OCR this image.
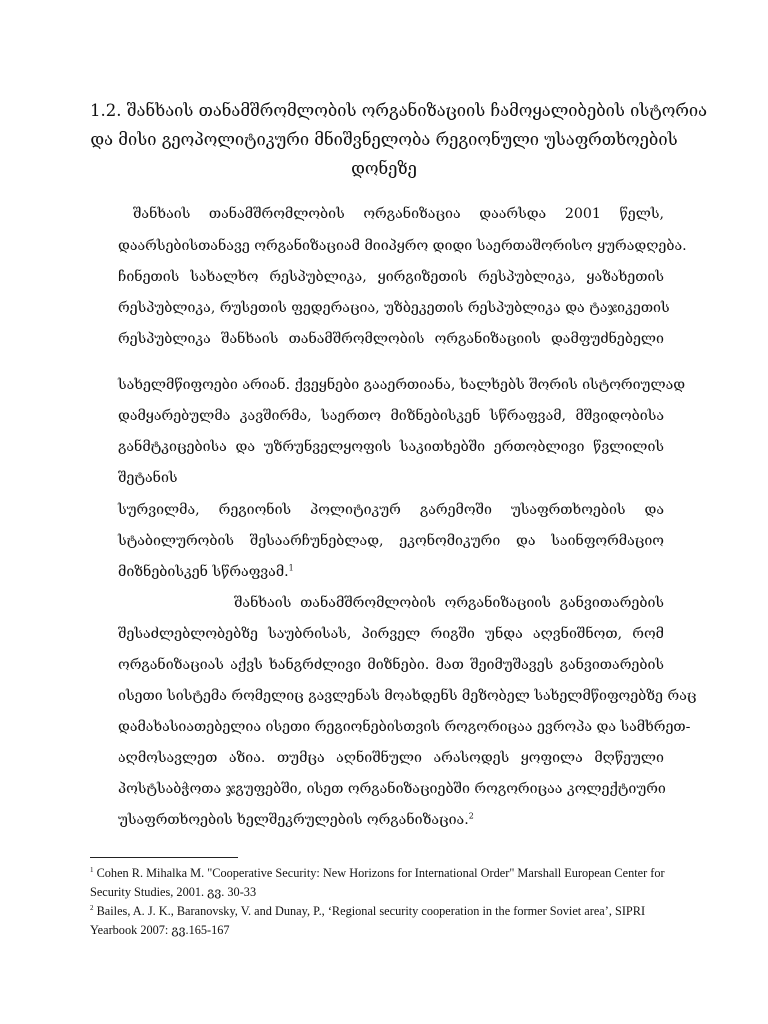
1.2. შანხაის თანამშრომლობის ორგანიზაციის ჩამოყალიბების ისტორია
და მისი გეოპოლიტიკური მნიშვნელობა რეგიონული უსაფრთხოების
დონეზე
შანხაის თანამშრომლობის ორგანიზაცია დაარსდა 2001 წელს,
დაარსებისთანავე ორგანიზაციამ მიიპყრო დიდი საერთაშორისო ყურადღება.
ჩინეთის სახალხო რესპუბლიკა, ყირგიზეთის რესპუბლიკა, ყაზახეთის
რესპუბლიკა, რუსეთის ფედერაცია, უზბეკეთის რესპუბლიკა და ტაჯიკეთის
რესპუბლიკა შანხაის თანამშრომლობის ორგანიზაციის დამფუძნებელი
სახელმწიფოები არიან. ქვეყნები გააერთიანა, ხალხებს შორის ისტორიულად
დამყარებულმა კავშირმა, საერთო მიზნებისკენ სწრაფვამ, მშვიდობისა
განმტკიცებისა და უზრუნველყოფის საკითხებში ერთობლივი წვლილის
შეტანის
სურვილმა, რეგიონის პოლიტიკურ გარემოში უსაფრთხოების და
სტაბილურობის შესაარჩუნებლად, ეკონომიკური და საინფორმაციო
მიზნებისკენ სწრაფვამ.$^1$
შანხაის თანამშრომლობის ორგანიზაციის განვითარების
შესაძლებლობებზე საუბრისას, პირველ რიგში უნდა აღვნიშნოთ, რომ
ორგანიზაციას აქვს ხანგრძლივი მიზნები. მათ შეიმუშავეს განვითარების
ისეთი სისტემა რომელიც გავლენას მოახდენს მეზობელ სახელმწიფოებზე რაც
დამახასიათებელია ისეთი რეგიონებისთვის როგორიცაა ევროპა და სამხრეთ-
აღმოსავლეთ აზია. თუმცა აღნიშნული არასოდეს ყოფილა მღწეული
პოსტსაბჭოთა ჯგუფებში, ისეთ ორგანიზაციებში როგორიცაა კოლექტიური
უსაფრთხოების ხელშეკრულების ორგანიზაცია.$^2$
$^1$ Cohen R. Mihalka M. "Cooperative Security: New Horizons for International Order" Marshall European Center for Security Studies, 2001. გვ. 30-33
$^2$ Bailes, A. J. K., Baranovsky, V. and Dunay, P., ‘Regional security cooperation in the former Soviet area’, SIPRI Yearbook 2007: გვ.165-167
